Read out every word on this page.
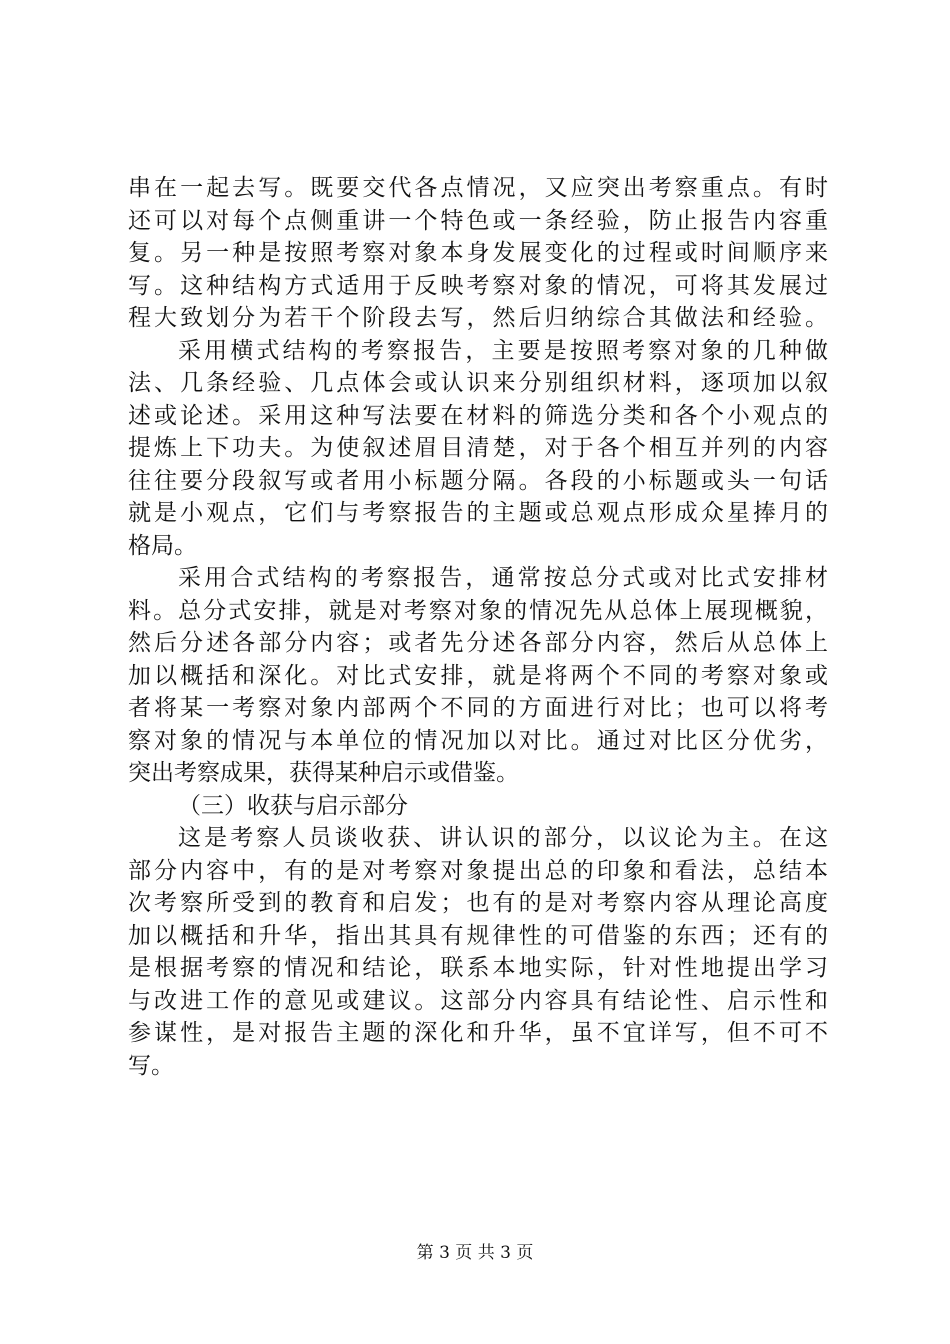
串在一起去写。既要交代各点情况，又应突出考察重点。有时
还可以对每个点侧重讲一个特色或一条经验，防止报告内容重
复。另一种是按照考察对象本身发展变化的过程或时间顺序来
写。这种结构方式适用于反映考察对象的情况，可将其发展过
程大致划分为若干个阶段去写，然后归纳综合其做法和经验。
采用横式结构的考察报告，主要是按照考察对象的几种做
法、几条经验、几点体会或认识来分别组织材料，逐项加以叙
述或论述。采用这种写法要在材料的筛选分类和各个小观点的
提炼上下功夫。为使叙述眉目清楚，对于各个相互并列的内容
往往要分段叙写或者用小标题分隔。各段的小标题或头一句话
就是小观点，它们与考察报告的主题或总观点形成众星捧月的
格局。
采用合式结构的考察报告，通常按总分式或对比式安排材
料。总分式安排，就是对考察对象的情况先从总体上展现概貌，
然后分述各部分内容；或者先分述各部分内容，然后从总体上
加以概括和深化。对比式安排，就是将两个不同的考察对象或
者将某一考察对象内部两个不同的方面进行对比；也可以将考
察对象的情况与本单位的情况加以对比。通过对比区分优劣，
突出考察成果，获得某种启示或借鉴。
（三）收获与启示部分
这是考察人员谈收获、讲认识的部分，以议论为主。在这
部分内容中，有的是对考察对象提出总的印象和看法，总结本
次考察所受到的教育和启发；也有的是对考察内容从理论高度
加以概括和升华，指出其具有规律性的可借鉴的东西；还有的
是根据考察的情况和结论，联系本地实际，针对性地提出学习
与改进工作的意见或建议。这部分内容具有结论性、启示性和
参谋性，是对报告主题的深化和升华，虽不宜详写，但不可不
写。
第 3 页 共 3 页
